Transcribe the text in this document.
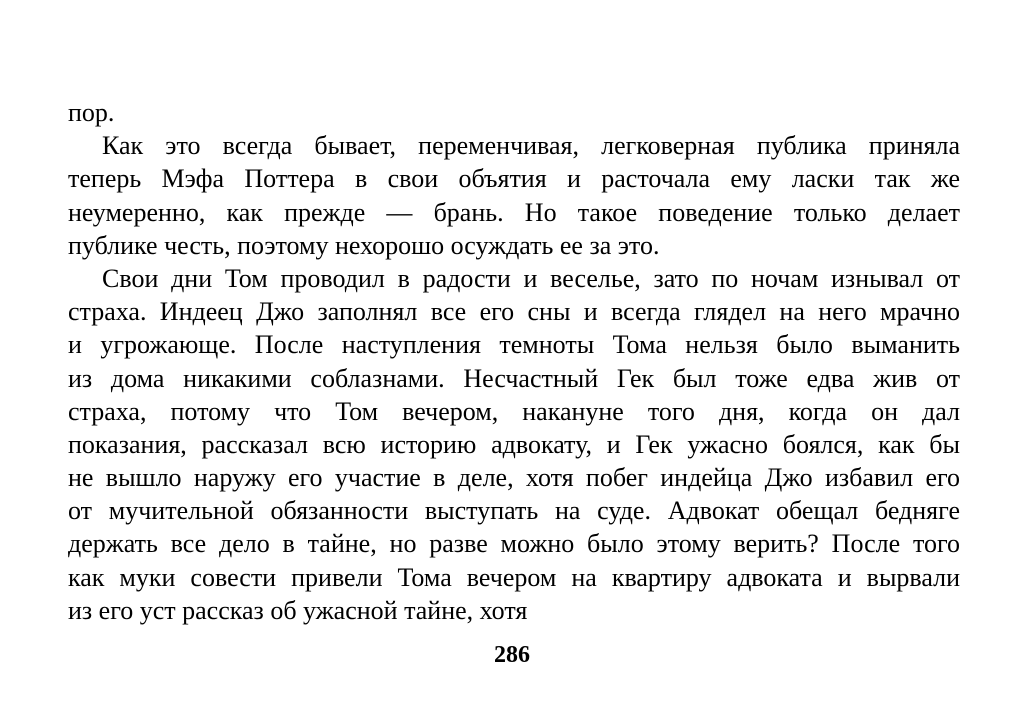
пор.
Как это всегда бывает, переменчивая, легковерная публика приняла
теперь Мэфа Поттера в свои объятия и расточала ему ласки так же
неумеренно, как прежде — брань. Но такое поведение только делает
публике честь, поэтому нехорошо осуждать ее за это.
Свои дни Том проводил в радости и веселье, зато по ночам изнывал от
страха. Индеец Джо заполнял все его сны и всегда глядел на него мрачно
и угрожающе. После наступления темноты Тома нельзя было выманить
из дома никакими соблазнами. Несчастный Гек был тоже едва жив от
страха, потому что Том вечером, накануне того дня, когда он дал
показания, рассказал всю историю адвокату, и Гек ужасно боялся, как бы
не вышло наружу его участие в деле, хотя побег индейца Джо избавил его
от мучительной обязанности выступать на суде. Адвокат обещал бедняге
держать все дело в тайне, но разве можно было этому верить? После того
как муки совести привели Тома вечером на квартиру адвоката и вырвали
из его уст рассказ об ужасной тайне, хотя
286
